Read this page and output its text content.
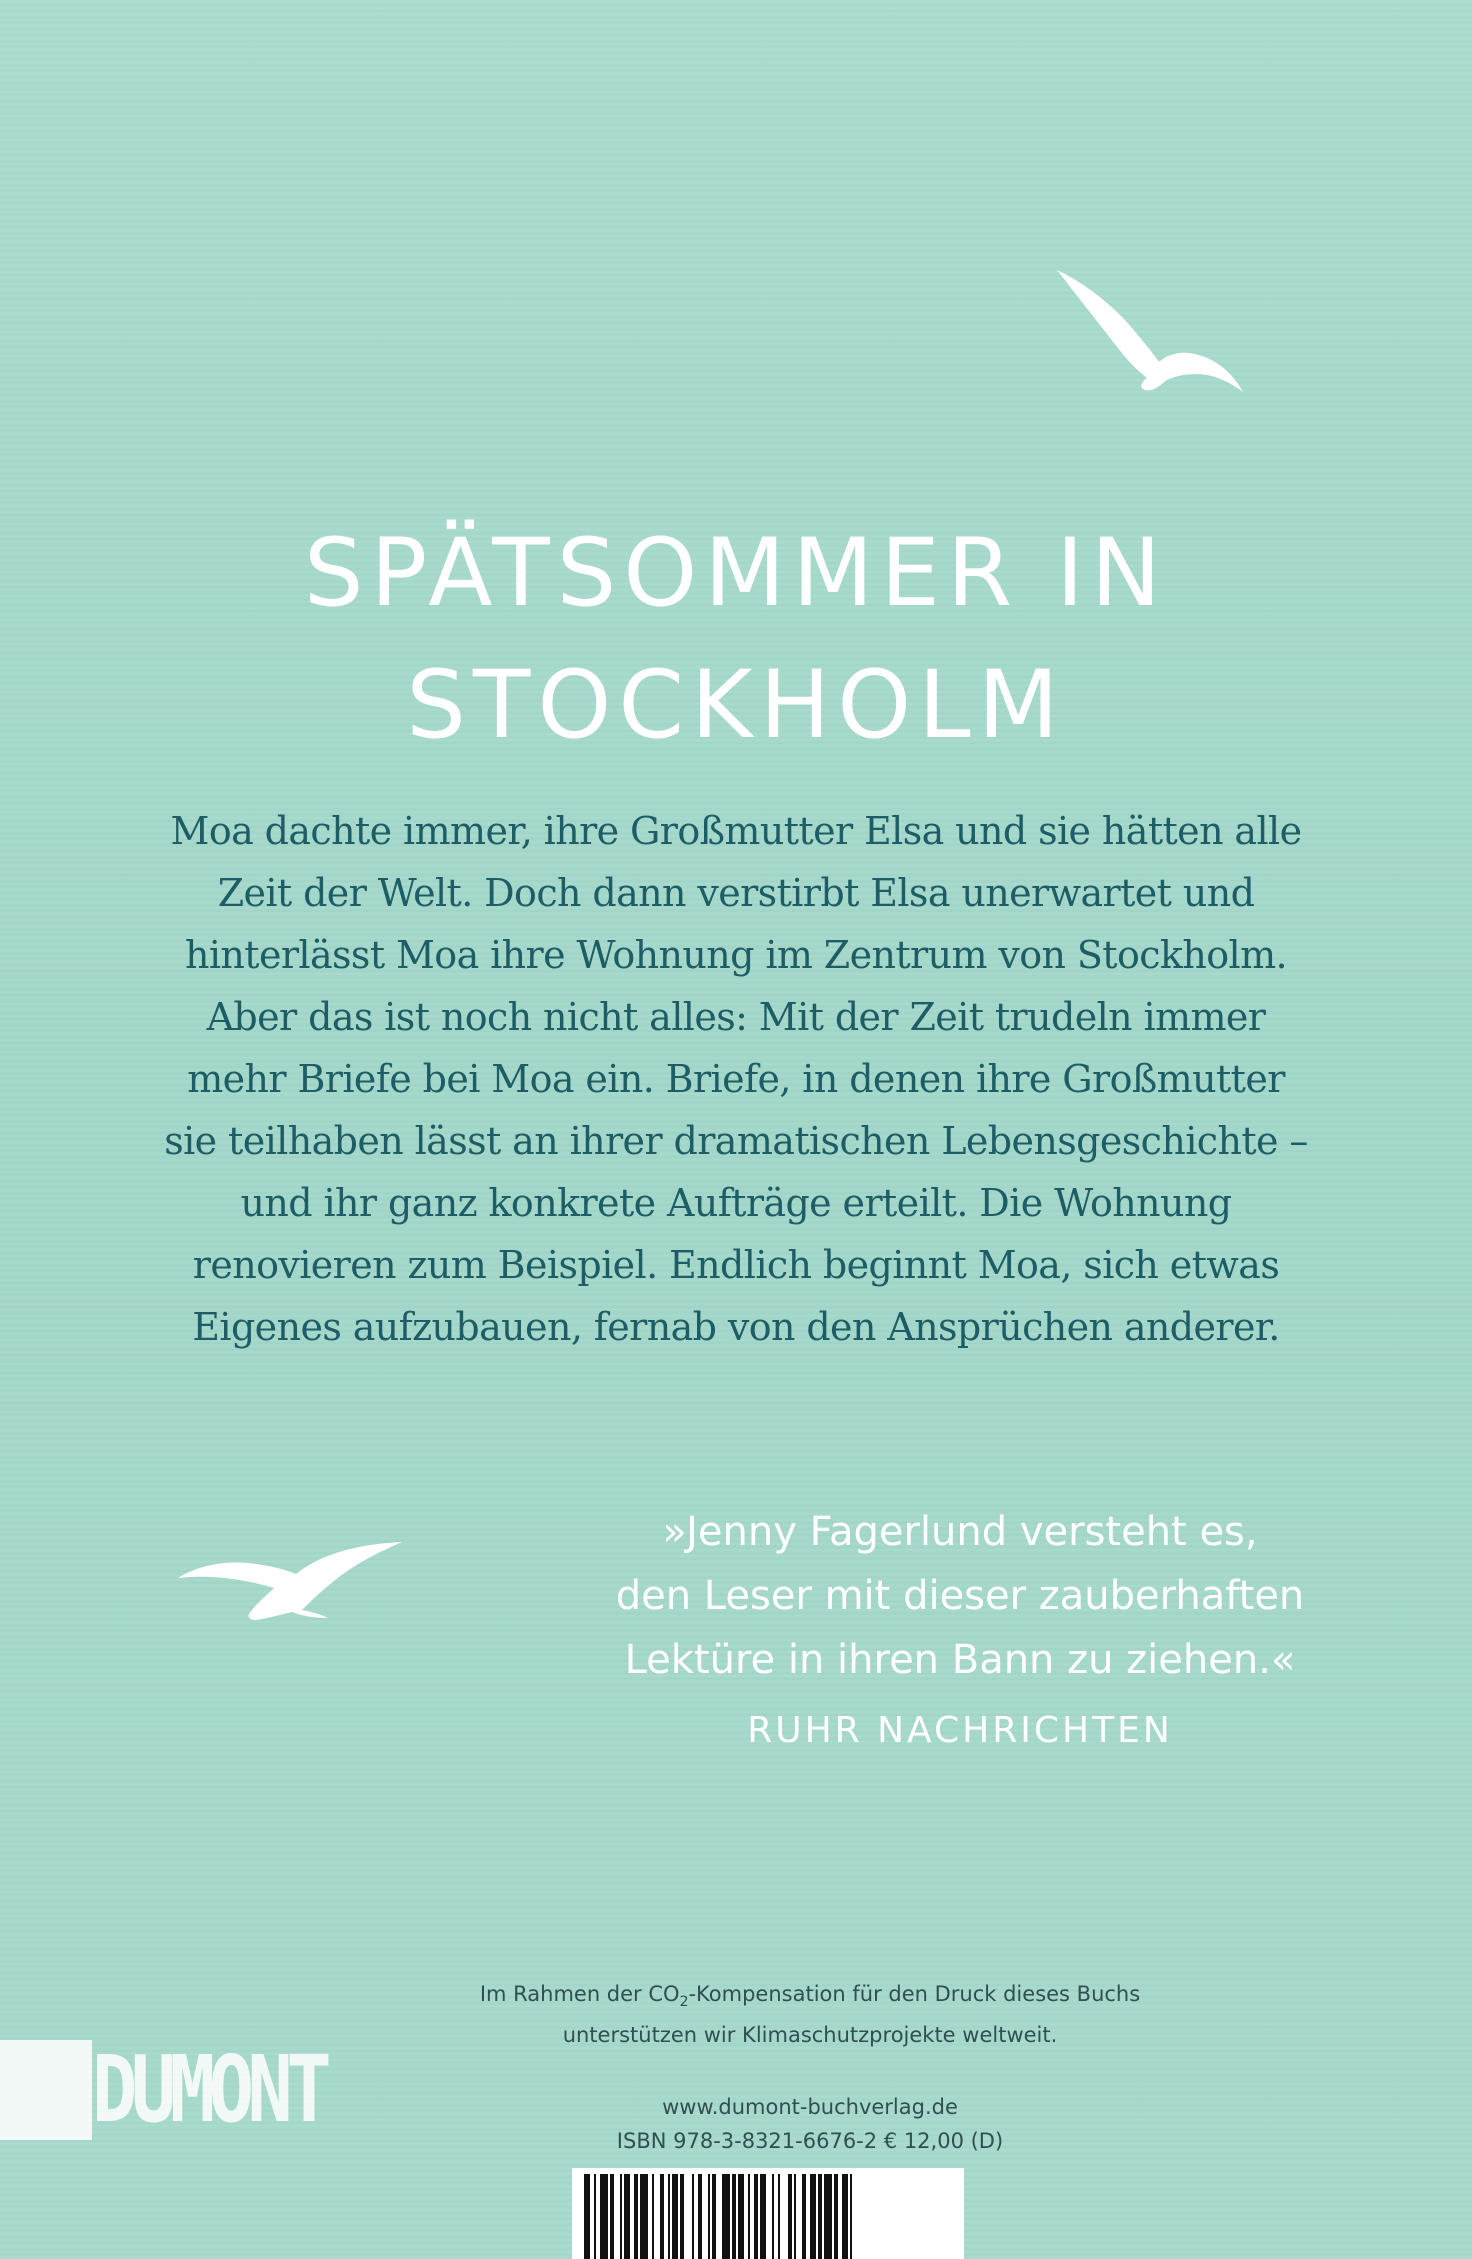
SPÄTSOMMER IN
STOCKHOLM

Moa dachte immer, ihre Großmutter Elsa und sie hätten alle
Zeit der Welt. Doch dann verstirbt Elsa unerwartet und
hinterlässt Moa ihre Wohnung im Zentrum von Stockholm.
Aber das ist noch nicht alles: Mit der Zeit trudeln immer
mehr Briefe bei Moa ein. Briefe, in denen ihre Großmutter
sie teilhaben lässt an ihrer dramatischen Lebensgeschichte –
und ihr ganz konkrete Aufträge erteilt. Die Wohnung
renovieren zum Beispiel. Endlich beginnt Moa, sich etwas
Eigenes aufzubauen, fernab von den Ansprüchen anderer.

»Jenny Fagerlund versteht es,
den Leser mit dieser zauberhaften
Lektüre in ihren Bann zu ziehen.«

RUHR NACHRICHTEN
Im Rahmen der $CO_2$-Kompensation für den Druck dieses Buchs
unterstützen wir Klimaschutzprojekte weltweit.
DUMONT	www.dumont-buchverlag.de
ISBN 978-3-8321-6676-2 € 12,00 (D)
